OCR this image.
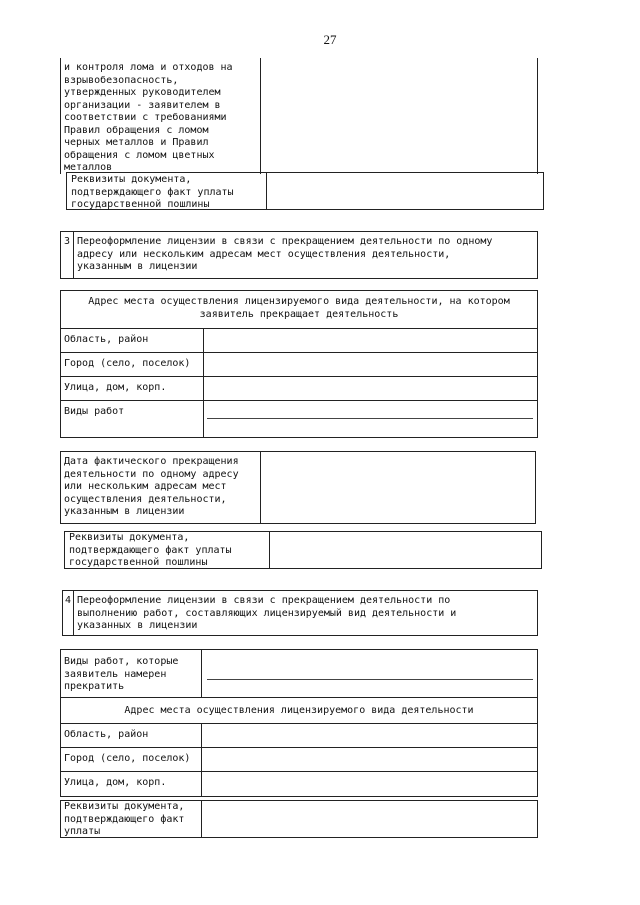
27
и контроля лома и отходов на
взрывобезопасность,
утвержденных руководителем
организации - заявителем в
соответствии с требованиями
Правил обращения с ломом
черных металлов и Правил
обращения с ломом цветных
металлов
Реквизиты документа,
подтверждающего факт уплаты
государственной пошлины
3 Переоформление лицензии в связи с прекращением деятельности по одному
адресу или нескольким адресам мест осуществления деятельности,
указанным в лицензии
Адрес места осуществления лицензируемого вида деятельности, на котором
заявитель прекращает деятельность
Область, район
Город (село, поселок)
Улица, дом, корп.
Виды работ
Дата фактического прекращения
деятельности по одному адресу
или нескольким адресам мест
осуществления деятельности,
указанным в лицензии
Реквизиты документа,
подтверждающего факт уплаты
государственной пошлины
4 Переоформление лицензии в связи с прекращением деятельности по
выполнению работ, составляющих лицензируемый вид деятельности и
указанных в лицензии
Виды работ, которые
заявитель намерен
прекратить
Адрес места осуществления лицензируемого вида деятельности
Область, район
Город (село, поселок)
Улица, дом, корп.
Реквизиты документа,
подтверждающего факт
уплаты
